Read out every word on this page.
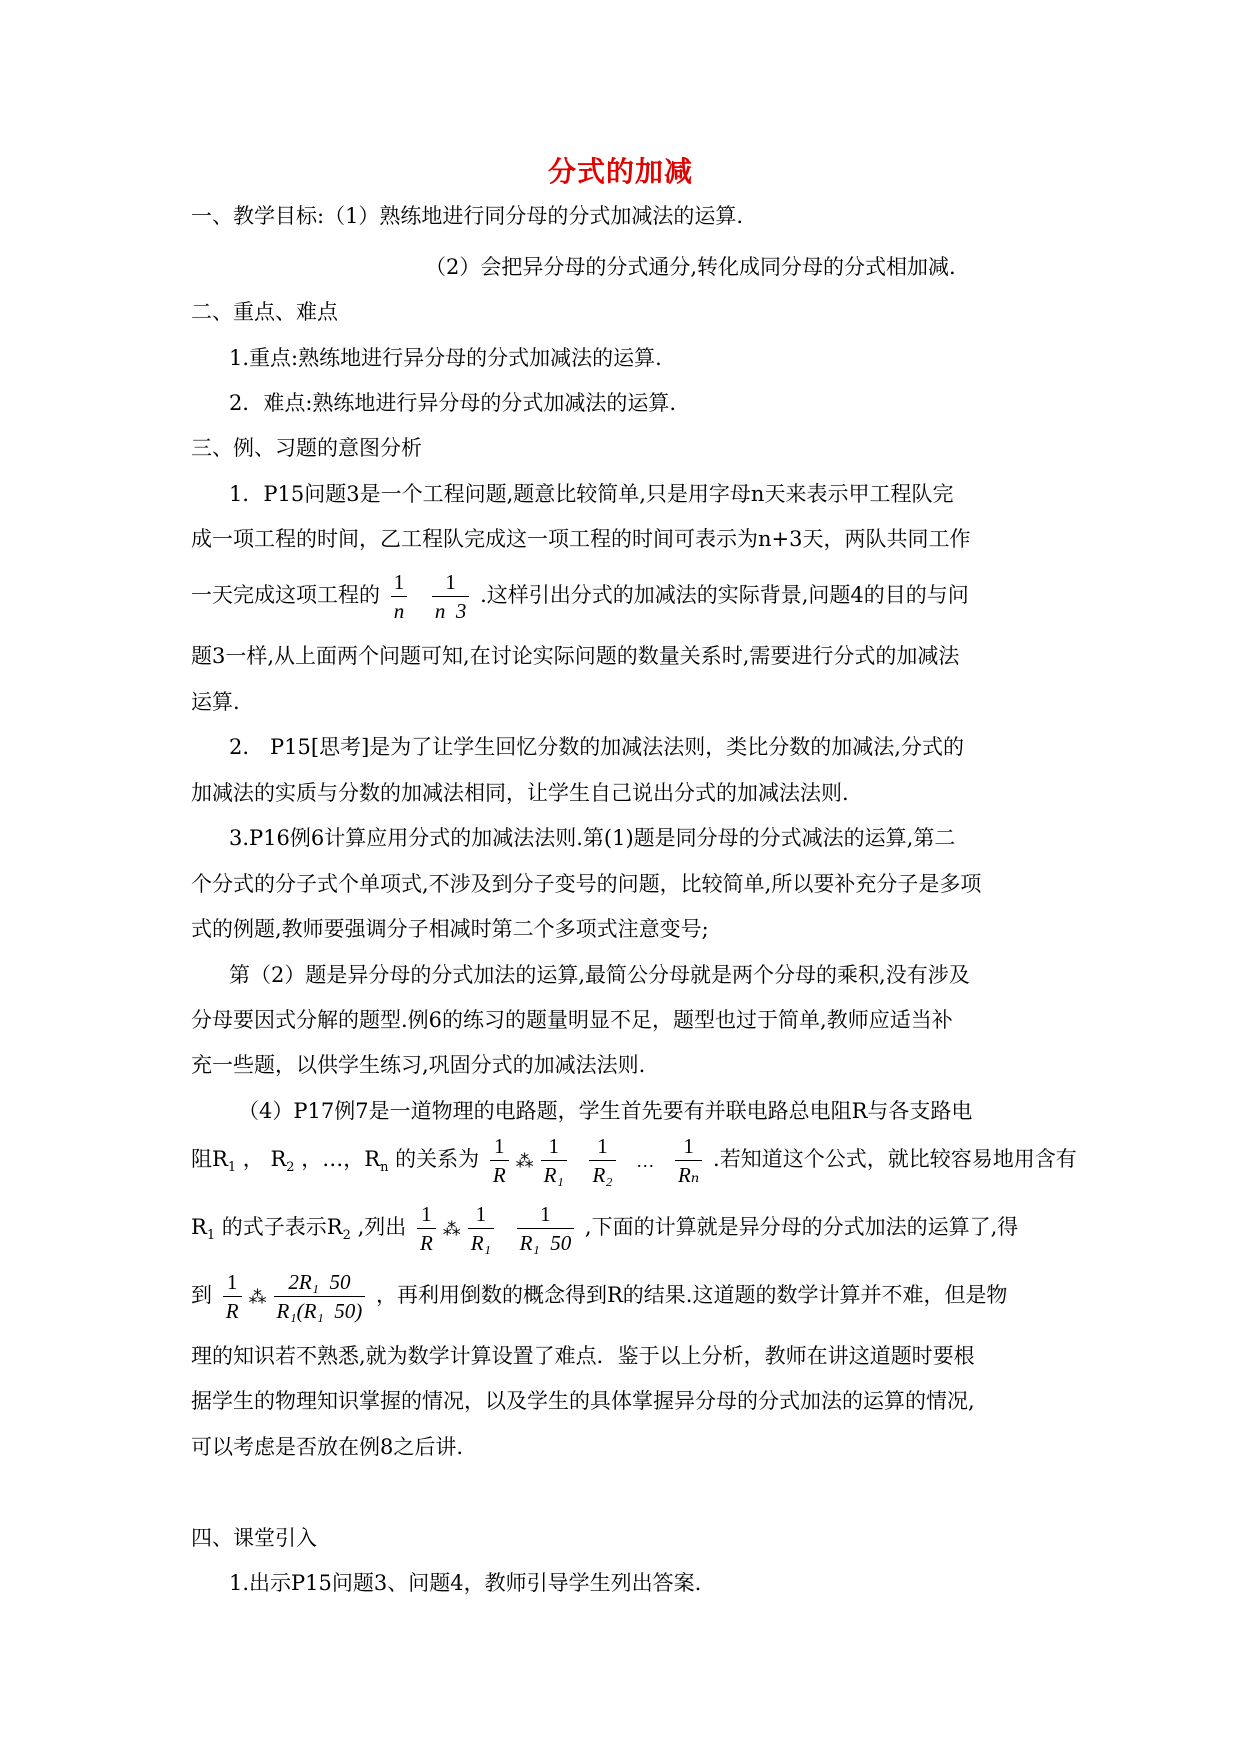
分式的加减
一、教学目标:（1）熟练地进行同分母的分式加减法的运算.
（2）会把异分母的分式通分,转化成同分母的分式相加减.
二、重点、难点
1.重点:熟练地进行异分母的分式加减法的运算.
2．难点:熟练地进行异分母的分式加减法的运算.
三、例、习题的意图分析
1．P15问题3是一个工程问题,题意比较简单,只是用字母n天来表示甲工程队完
成一项工程的时间，乙工程队完成这一项工程的时间可表示为n+3天，两队共同工作
一天完成这项工程的 $\frac{1}{n}$
$\frac{1}{n 3}$ .这样引出分式的加减法的实际背景,问题4的目的与问
题3一样,从上面两个问题可知,在讨论实际问题的数量关系时,需要进行分式的加减法
运算.
2.　P15[思考]是为了让学生回忆分数的加减法法则，类比分数的加减法,分式的
加减法的实质与分数的加减法相同，让学生自己说出分式的加减法法则.
3.P16例6计算应用分式的加减法法则.第(1)题是同分母的分式减法的运算,第二
个分式的分子式个单项式,不涉及到分子变号的问题，比较简单,所以要补充分子是多项
式的例题,教师要强调分子相减时第二个多项式注意变号;
第（2）题是异分母的分式加法的运算,最简公分母就是两个分母的乘积,没有涉及
分母要因式分解的题型.例6的练习的题量明显不足，题型也过于简单,教师应适当补
充一些题，以供学生练习,巩固分式的加减法法则.
（4）P17例7是一道物理的电路题，学生首先要有并联电路总电阻R与各支路电
阻$R_1$ ， $R_2$ ，…，$R_n$ 的关系为 $\frac{1}{R}$ ⁂ $\frac{1}{\text{R₁}}$
$\frac{1}{\text{R₂}}$ … $\frac{1}{\text{Rₙ}}$ .若知道这个公式，就比较容易地用含有
$R_1$ 的式子表示$R_2$ ,列出 $\frac{1}{R}$ ⁂ $\frac{1}{\text{R₁}}$
$\frac{1}{\text{R₁  50}}$ ,下面的计算就是异分母的分式加法的运算了,得
到 $\frac{1}{R}$ ⁂ $\frac{\text{2R₁  50}}{\text{R₁(R₁  50)}}$ ，再利用倒数的概念得到R的结果.这道题的数学计算并不难，但是物
理的知识若不熟悉,就为数学计算设置了难点．鉴于以上分析，教师在讲这道题时要根
据学生的物理知识掌握的情况，以及学生的具体掌握异分母的分式加法的运算的情况,
可以考虑是否放在例8之后讲.
四、课堂引入
1.出示P15问题3、问题4，教师引导学生列出答案.
